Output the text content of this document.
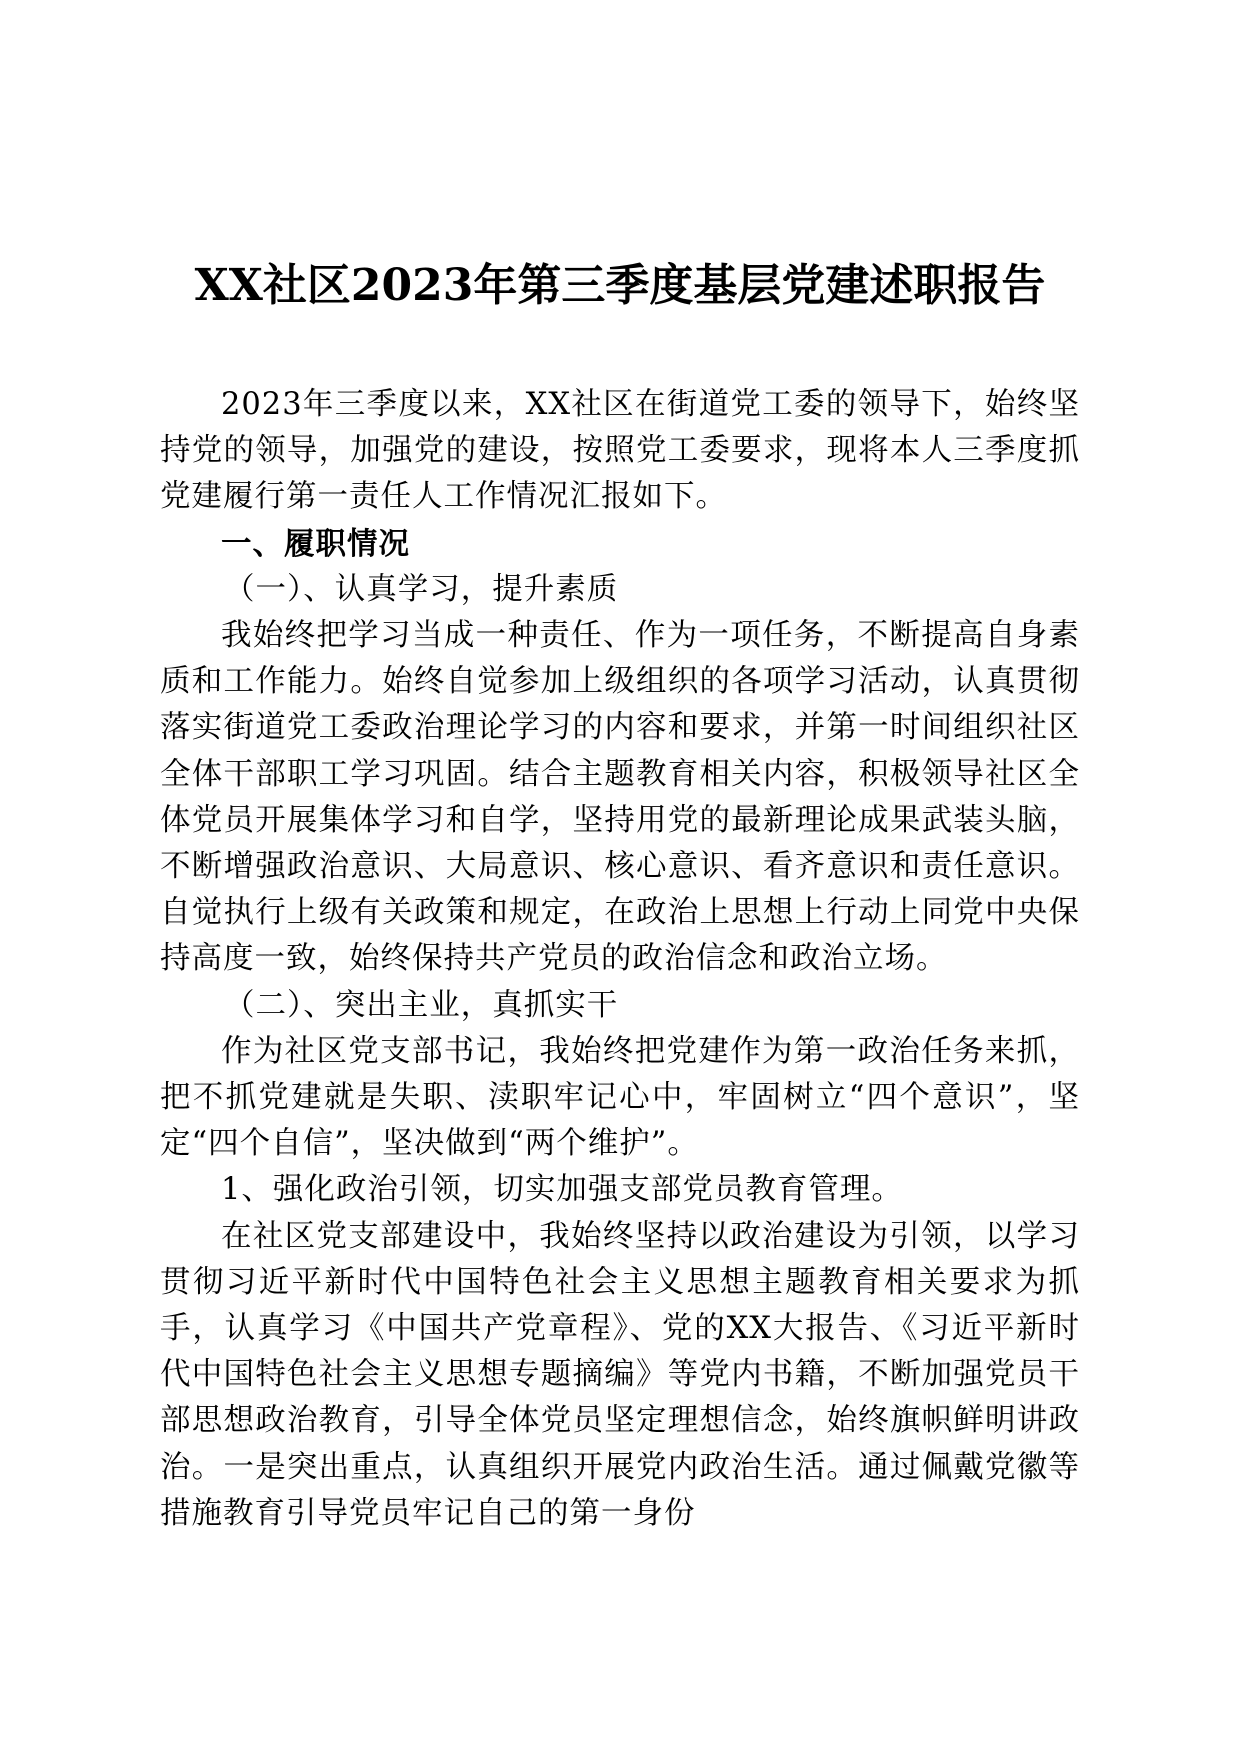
XX社区2023年第三季度基层党建述职报告

2023年三季度以来，XX社区在街道党工委的领导下，始终坚持党的领导，加强党的建设，按照党工委要求，现将本人三季度抓党建履行第一责任人工作情况汇报如下。

一、履职情况

（一）、认真学习，提升素质

我始终把学习当成一种责任、作为一项任务，不断提高自身素质和工作能力。始终自觉参加上级组织的各项学习活动，认真贯彻落实街道党工委政治理论学习的内容和要求，并第一时间组织社区全体干部职工学习巩固。结合主题教育相关内容，积极领导社区全体党员开展集体学习和自学，坚持用党的最新理论成果武装头脑，不断增强政治意识、大局意识、核心意识、看齐意识和责任意识。自觉执行上级有关政策和规定，在政治上思想上行动上同党中央保持高度一致，始终保持共产党员的政治信念和政治立场。

（二）、突出主业，真抓实干

作为社区党支部书记，我始终把党建作为第一政治任务来抓，把不抓党建就是失职、渎职牢记心中，牢固树立“四个意识”，坚定“四个自信”，坚决做到“两个维护”。

1、强化政治引领，切实加强支部党员教育管理。

在社区党支部建设中，我始终坚持以政治建设为引领，以学习贯彻习近平新时代中国特色社会主义思想主题教育相关要求为抓手，认真学习《中国共产党章程》、党的XX大报告、《习近平新时代中国特色社会主义思想专题摘编》等党内书籍，不断加强党员干部思想政治教育，引导全体党员坚定理想信念，始终旗帜鲜明讲政治。一是突出重点，认真组织开展党内政治生活。通过佩戴党徽等措施教育引导党员牢记自己的第一身份
